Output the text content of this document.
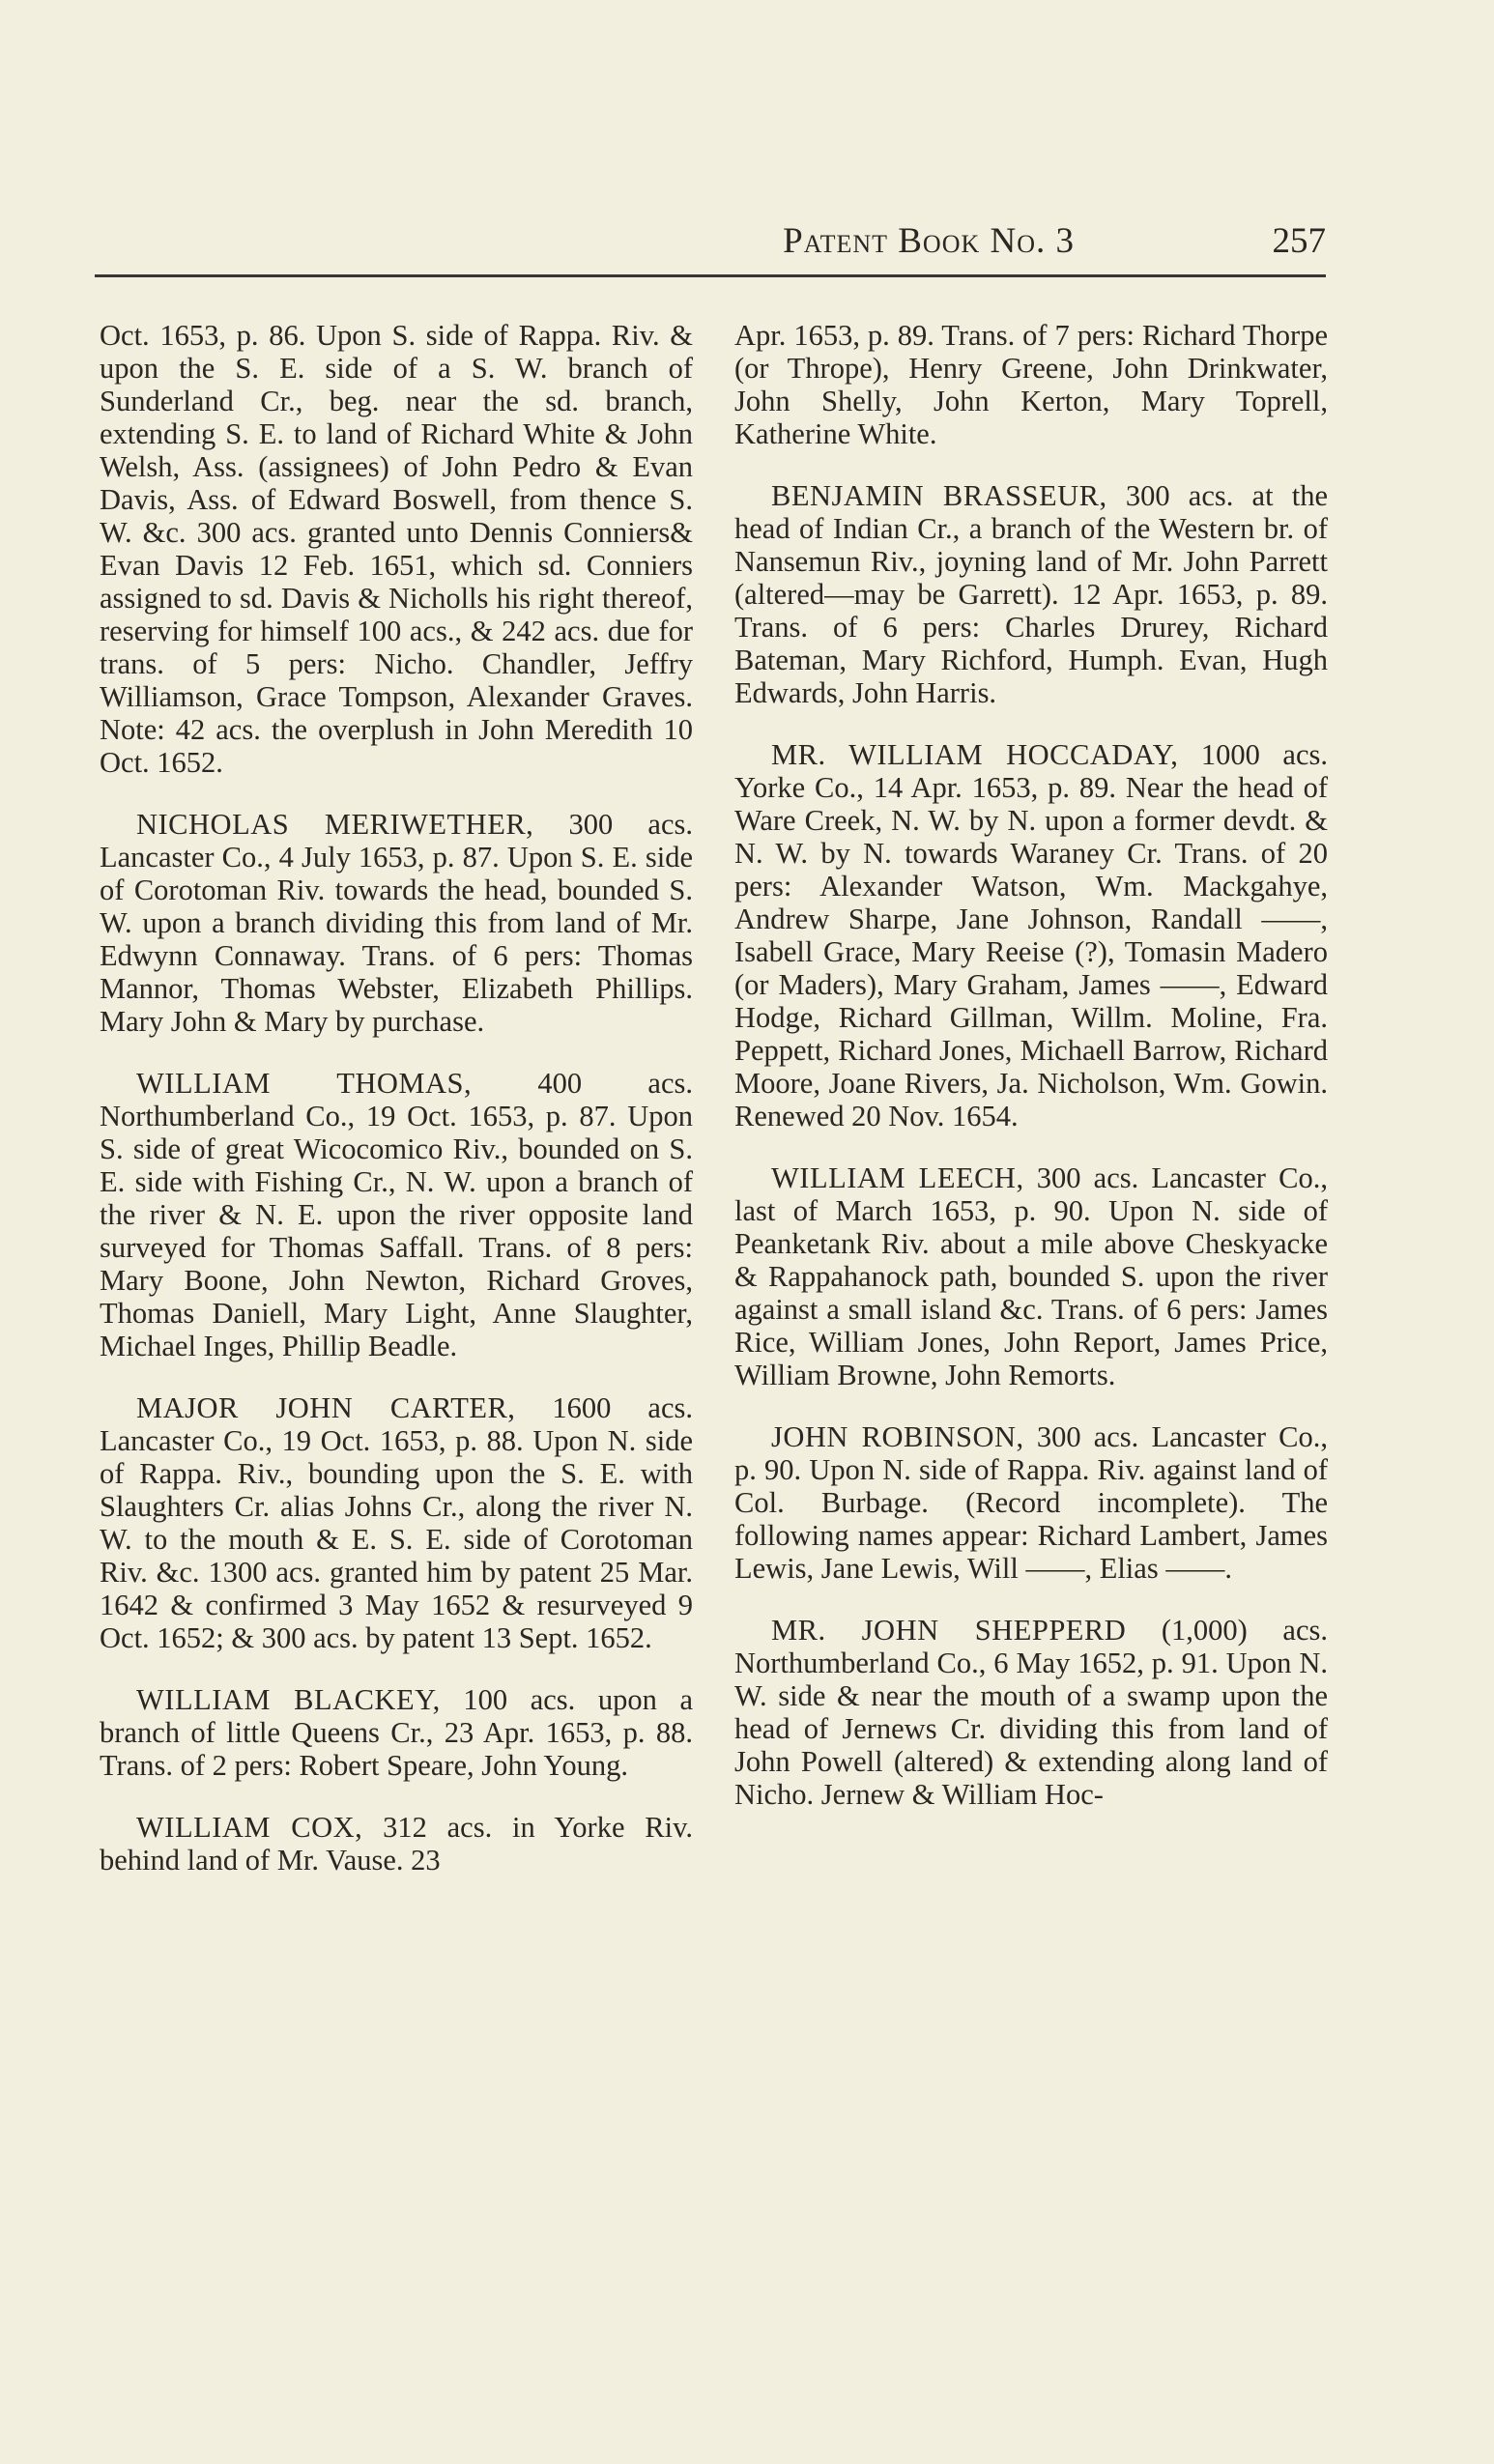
Patent Book No. 3	257

Oct. 1653, p. 86. Upon S. side of Rappa. Riv. & upon the S. E. side of a S. W. branch of Sunderland Cr., beg. near the sd. branch, extending S. E. to land of Richard White & John Welsh, Ass. (assignees) of John Pedro & Evan Davis, Ass. of Edward Boswell, from thence S. W. &c. 300 acs. granted unto Dennis Conniers& Evan Davis 12 Feb. 1651, which sd. Conniers assigned to sd. Davis & Nicholls his right thereof, reserving for himself 100 acs., & 242 acs. due for trans. of 5 pers: Nicho. Chandler, Jeffry Williamson, Grace Tompson, Alexander Graves. Note: 42 acs. the overplush in John Meredith 10 Oct. 1652.

NICHOLAS MERIWETHER, 300 acs. Lancaster Co., 4 July 1653, p. 87. Upon S. E. side of Corotoman Riv. towards the head, bounded S. W. upon a branch dividing this from land of Mr. Edwynn Connaway. Trans. of 6 pers: Thomas Mannor, Thomas Webster, Elizabeth Phillips. Mary John & Mary by purchase.

WILLIAM THOMAS, 400 acs. Northumberland Co., 19 Oct. 1653, p. 87. Upon S. side of great Wicocomico Riv., bounded on S. E. side with Fishing Cr., N. W. upon a branch of the river & N. E. upon the river opposite land surveyed for Thomas Saffall. Trans. of 8 pers: Mary Boone, John Newton, Richard Groves, Thomas Daniell, Mary Light, Anne Slaughter, Michael Inges, Phillip Beadle.

MAJOR JOHN CARTER, 1600 acs. Lancaster Co., 19 Oct. 1653, p. 88. Upon N. side of Rappa. Riv., bounding upon the S. E. with Slaughters Cr. alias Johns Cr., along the river N. W. to the mouth & E. S. E. side of Corotoman Riv. &c. 1300 acs. granted him by patent 25 Mar. 1642 & confirmed 3 May 1652 & resurveyed 9 Oct. 1652; & 300 acs. by patent 13 Sept. 1652.

WILLIAM BLACKEY, 100 acs. upon a branch of little Queens Cr., 23 Apr. 1653, p. 88. Trans. of 2 pers: Robert Speare, John Young.

WILLIAM COX, 312 acs. in Yorke Riv. behind land of Mr. Vause. 23

Apr. 1653, p. 89. Trans. of 7 pers: Richard Thorpe (or Thrope), Henry Greene, John Drinkwater, John Shelly, John Kerton, Mary Toprell, Katherine White.

BENJAMIN BRASSEUR, 300 acs. at the head of Indian Cr., a branch of the Western br. of Nansemun Riv., joyning land of Mr. John Parrett (altered—may be Garrett). 12 Apr. 1653, p. 89. Trans. of 6 pers: Charles Drurey, Richard Bateman, Mary Richford, Humph. Evan, Hugh Edwards, John Harris.

MR. WILLIAM HOCCADAY, 1000 acs. Yorke Co., 14 Apr. 1653, p. 89. Near the head of Ware Creek, N. W. by N. upon a former devdt. & N. W. by N. towards Waraney Cr. Trans. of 20 pers: Alexander Watson, Wm. Mackgahye, Andrew Sharpe, Jane Johnson, Randall ——, Isabell Grace, Mary Reeise (?), Tomasin Madero (or Maders), Mary Graham, James ——, Edward Hodge, Richard Gillman, Willm. Moline, Fra. Peppett, Richard Jones, Michaell Barrow, Richard Moore, Joane Rivers, Ja. Nicholson, Wm. Gowin. Renewed 20 Nov. 1654.

WILLIAM LEECH, 300 acs. Lancaster Co., last of March 1653, p. 90. Upon N. side of Peanketank Riv. about a mile above Cheskyacke & Rappahanock path, bounded S. upon the river against a small island &c. Trans. of 6 pers: James Rice, William Jones, John Report, James Price, William Browne, John Remorts.

JOHN ROBINSON, 300 acs. Lancaster Co., p. 90. Upon N. side of Rappa. Riv. against land of Col. Burbage. (Record incomplete). The following names appear: Richard Lambert, James Lewis, Jane Lewis, Will ——, Elias ——.

MR. JOHN SHEPPERD (1,000) acs. Northumberland Co., 6 May 1652, p. 91. Upon N. W. side & near the mouth of a swamp upon the head of Jernews Cr. dividing this from land of John Powell (altered) & extending along land of Nicho. Jernew & William Hoc-
